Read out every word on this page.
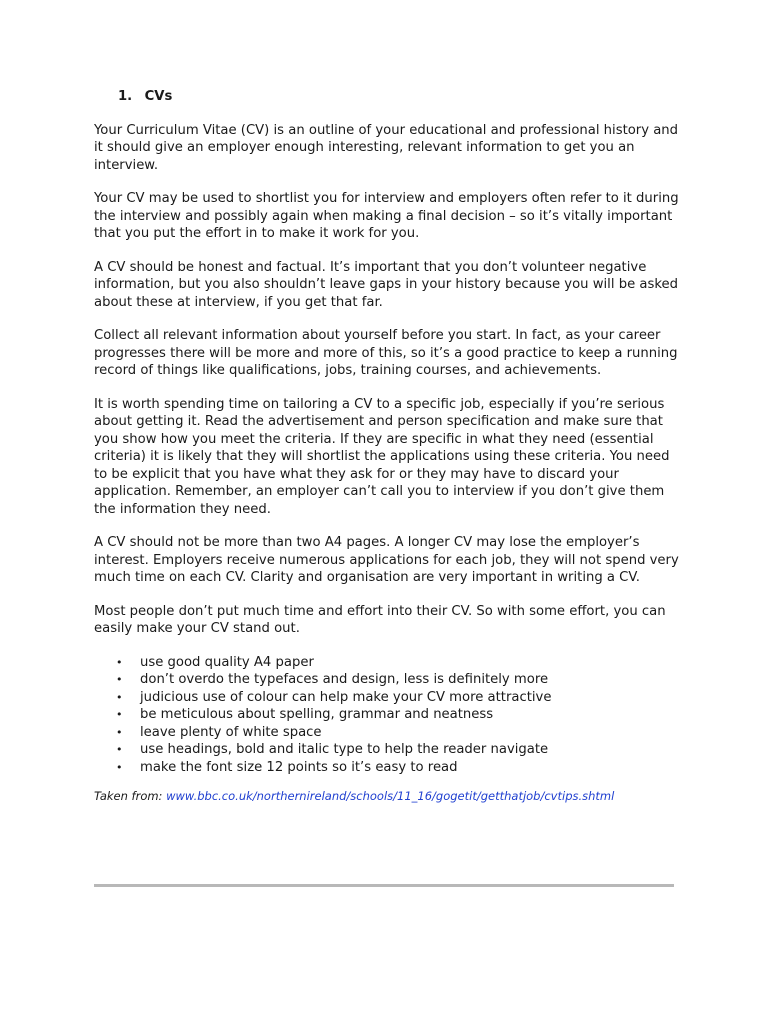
1. CVs

Your Curriculum Vitae (CV) is an outline of your educational and professional history and it should give an employer enough interesting, relevant information to get you an interview.

Your CV may be used to shortlist you for interview and employers often refer to it during the interview and possibly again when making a final decision – so it’s vitally important that you put the effort in to make it work for you.

A CV should be honest and factual. It’s important that you don’t volunteer negative information, but you also shouldn’t leave gaps in your history because you will be asked about these at interview, if you get that far.

Collect all relevant information about yourself before you start. In fact, as your career progresses there will be more and more of this, so it’s a good practice to keep a running record of things like qualifications, jobs, training courses, and achievements.

It is worth spending time on tailoring a CV to a specific job, especially if you’re serious about getting it. Read the advertisement and person specification and make sure that you show how you meet the criteria. If they are specific in what they need (essential criteria) it is likely that they will shortlist the applications using these criteria. You need to be explicit that you have what they ask for or they may have to discard your application. Remember, an employer can’t call you to interview if you don’t give them the information they need.

A CV should not be more than two A4 pages. A longer CV may lose the employer’s interest. Employers receive numerous applications for each job, they will not spend very much time on each CV. Clarity and organisation are very important in writing a CV.

Most people don’t put much time and effort into their CV. So with some effort, you can easily make your CV stand out.

• use good quality A4 paper
• don’t overdo the typefaces and design, less is definitely more
• judicious use of colour can help make your CV more attractive
• be meticulous about spelling, grammar and neatness
• leave plenty of white space
• use headings, bold and italic type to help the reader navigate
• make the font size 12 points so it’s easy to read
Taken from: www.bbc.co.uk/northernireland/schools/11_16/gogetit/getthatjob/cvtips.shtml
